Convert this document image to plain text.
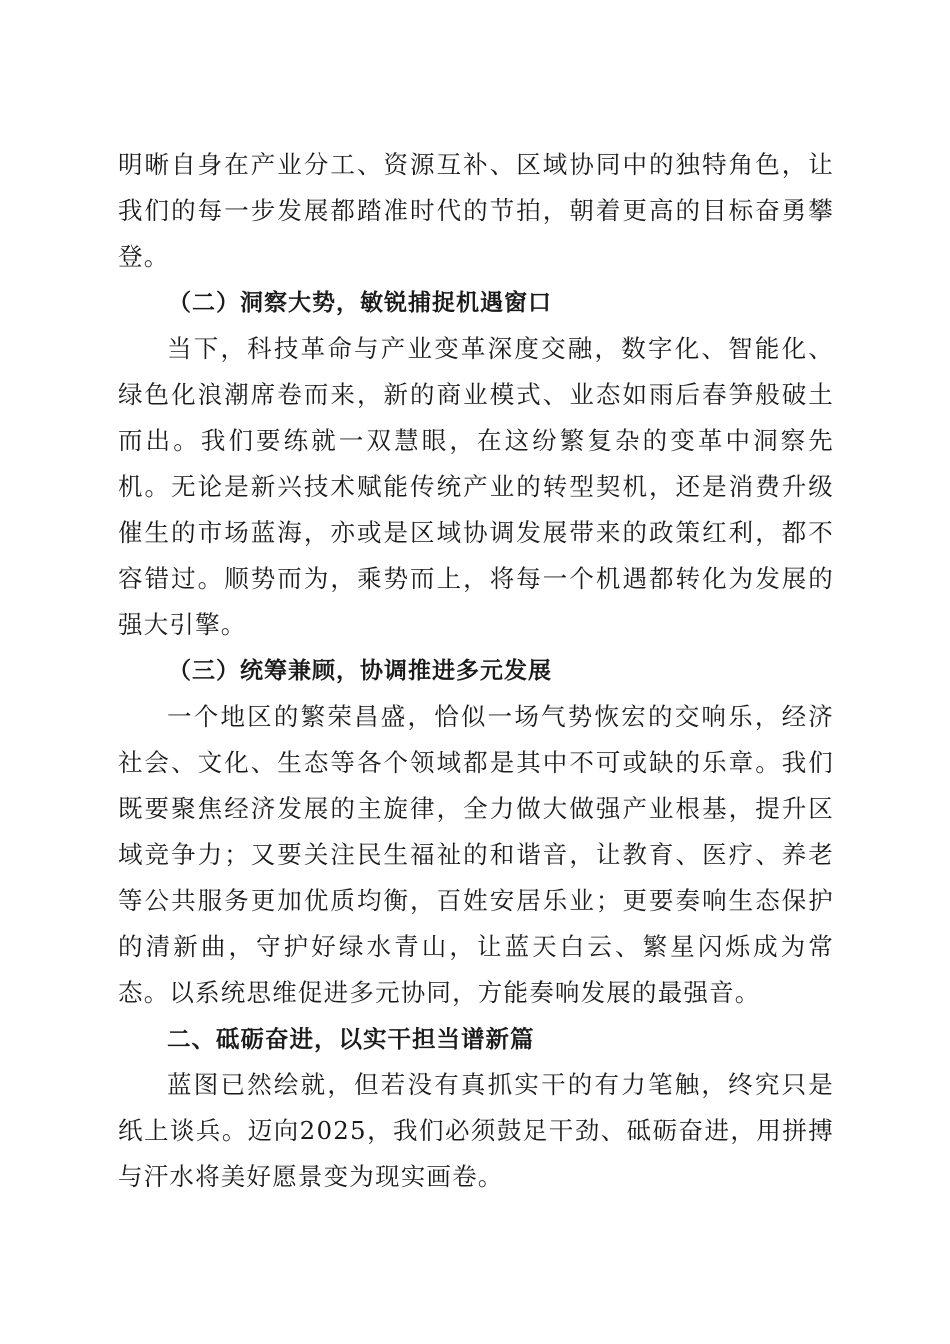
明晰自身在产业分工、资源互补、区域协同中的独特角色，让我们的每一步发展都踏准时代的节拍，朝着更高的目标奋勇攀登。

（二）洞察大势，敏锐捕捉机遇窗口

当下，科技革命与产业变革深度交融，数字化、智能化、绿色化浪潮席卷而来，新的商业模式、业态如雨后春笋般破土而出。我们要练就一双慧眼，在这纷繁复杂的变革中洞察先机。无论是新兴技术赋能传统产业的转型契机，还是消费升级催生的市场蓝海，亦或是区域协调发展带来的政策红利，都不容错过。顺势而为，乘势而上，将每一个机遇都转化为发展的强大引擎。

（三）统筹兼顾，协调推进多元发展

一个地区的繁荣昌盛，恰似一场气势恢宏的交响乐，经济社会、文化、生态等各个领域都是其中不可或缺的乐章。我们既要聚焦经济发展的主旋律，全力做大做强产业根基，提升区域竞争力；又要关注民生福祉的和谐音，让教育、医疗、养老等公共服务更加优质均衡，百姓安居乐业；更要奏响生态保护的清新曲，守护好绿水青山，让蓝天白云、繁星闪烁成为常态。以系统思维促进多元协同，方能奏响发展的最强音。

二、砥砺奋进，以实干担当谱新篇

蓝图已然绘就，但若没有真抓实干的有力笔触，终究只是纸上谈兵。迈向2025，我们必须鼓足干劲、砥砺奋进，用拼搏与汗水将美好愿景变为现实画卷。
